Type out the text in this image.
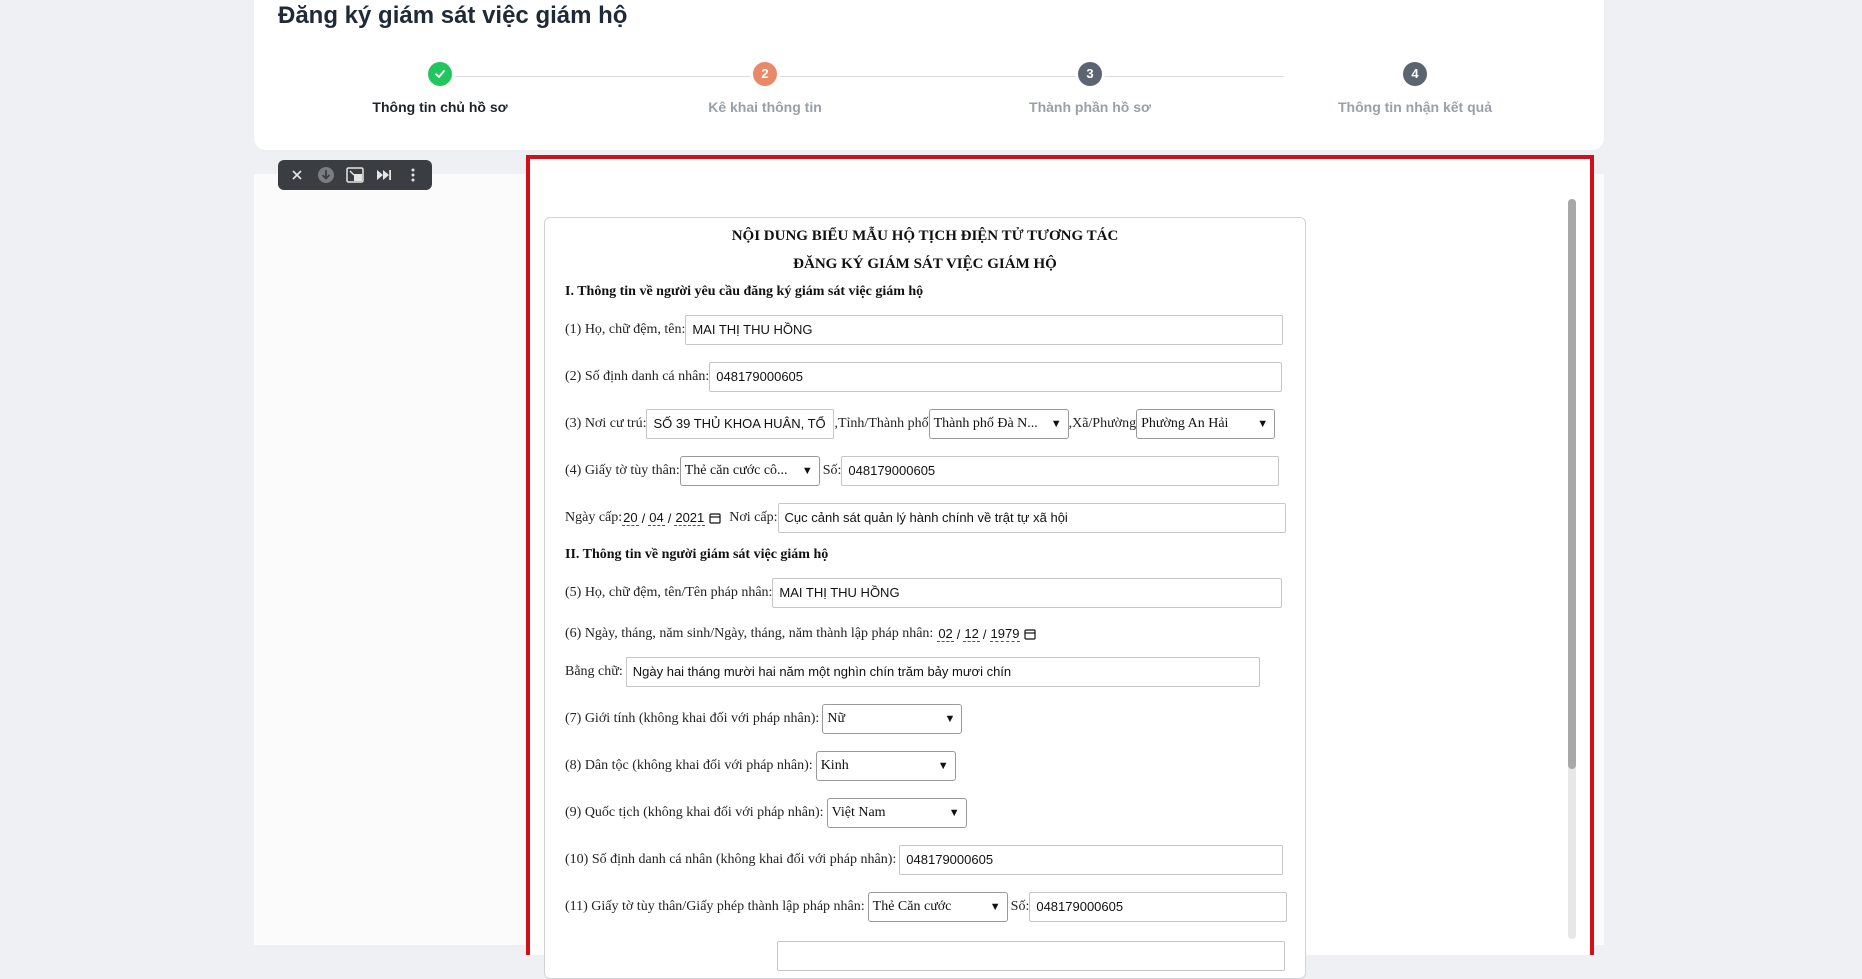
Đăng ký giám sát việc giám hộ
Thông tin chủ hồ sơ
2
Kê khai thông tin
3
Thành phần hồ sơ
4
Thông tin nhận kết quả
NỘI DUNG BIỂU MẪU HỘ TỊCH ĐIỆN TỬ TƯƠNG TÁC
ĐĂNG KÝ GIÁM SÁT VIỆC GIÁM HỘ
I. Thông tin về người yêu cầu đăng ký giám sát việc giám hộ
(1) Họ, chữ đệm, tên: MAI THỊ THU HỒNG
(2) Số định danh cá nhân: 048179000605
(3) Nơi cư trú: SỐ 39 THỦ KHOA HUÂN, TỔ ,Tỉnh/Thành phố Thành phố Đà N... ▼ ,Xã/Phường Phường An Hải	▼
(4) Giấy tờ tùy thân: Thẻ căn cước cô... ▼ Số: 048179000605
Ngày cấp: 20 / 04 / 2021 Nơi cấp: Cục cảnh sát quản lý hành chính về trật tự xã hội
II. Thông tin về người giám sát việc giám hộ
(5) Họ, chữ đệm, tên/Tên pháp nhân: MAI THỊ THU HỒNG
(6) Ngày, tháng, năm sinh/Ngày, tháng, năm thành lập pháp nhân: 02 / 12 / 1979
Bằng chữ: Ngày hai tháng mười hai năm một nghìn chín trăm bảy mươi chín
(7) Giới tính (không khai đối với pháp nhân): Nữ	▼
(8) Dân tộc (không khai đối với pháp nhân): Kinh	▼
(9) Quốc tịch (không khai đối với pháp nhân): Việt Nam	▼
(10) Số định danh cá nhân (không khai đối với pháp nhân): 048179000605
(11) Giấy tờ tùy thân/Giấy phép thành lập pháp nhân: Thẻ Căn cước	▼ Số: 048179000605
